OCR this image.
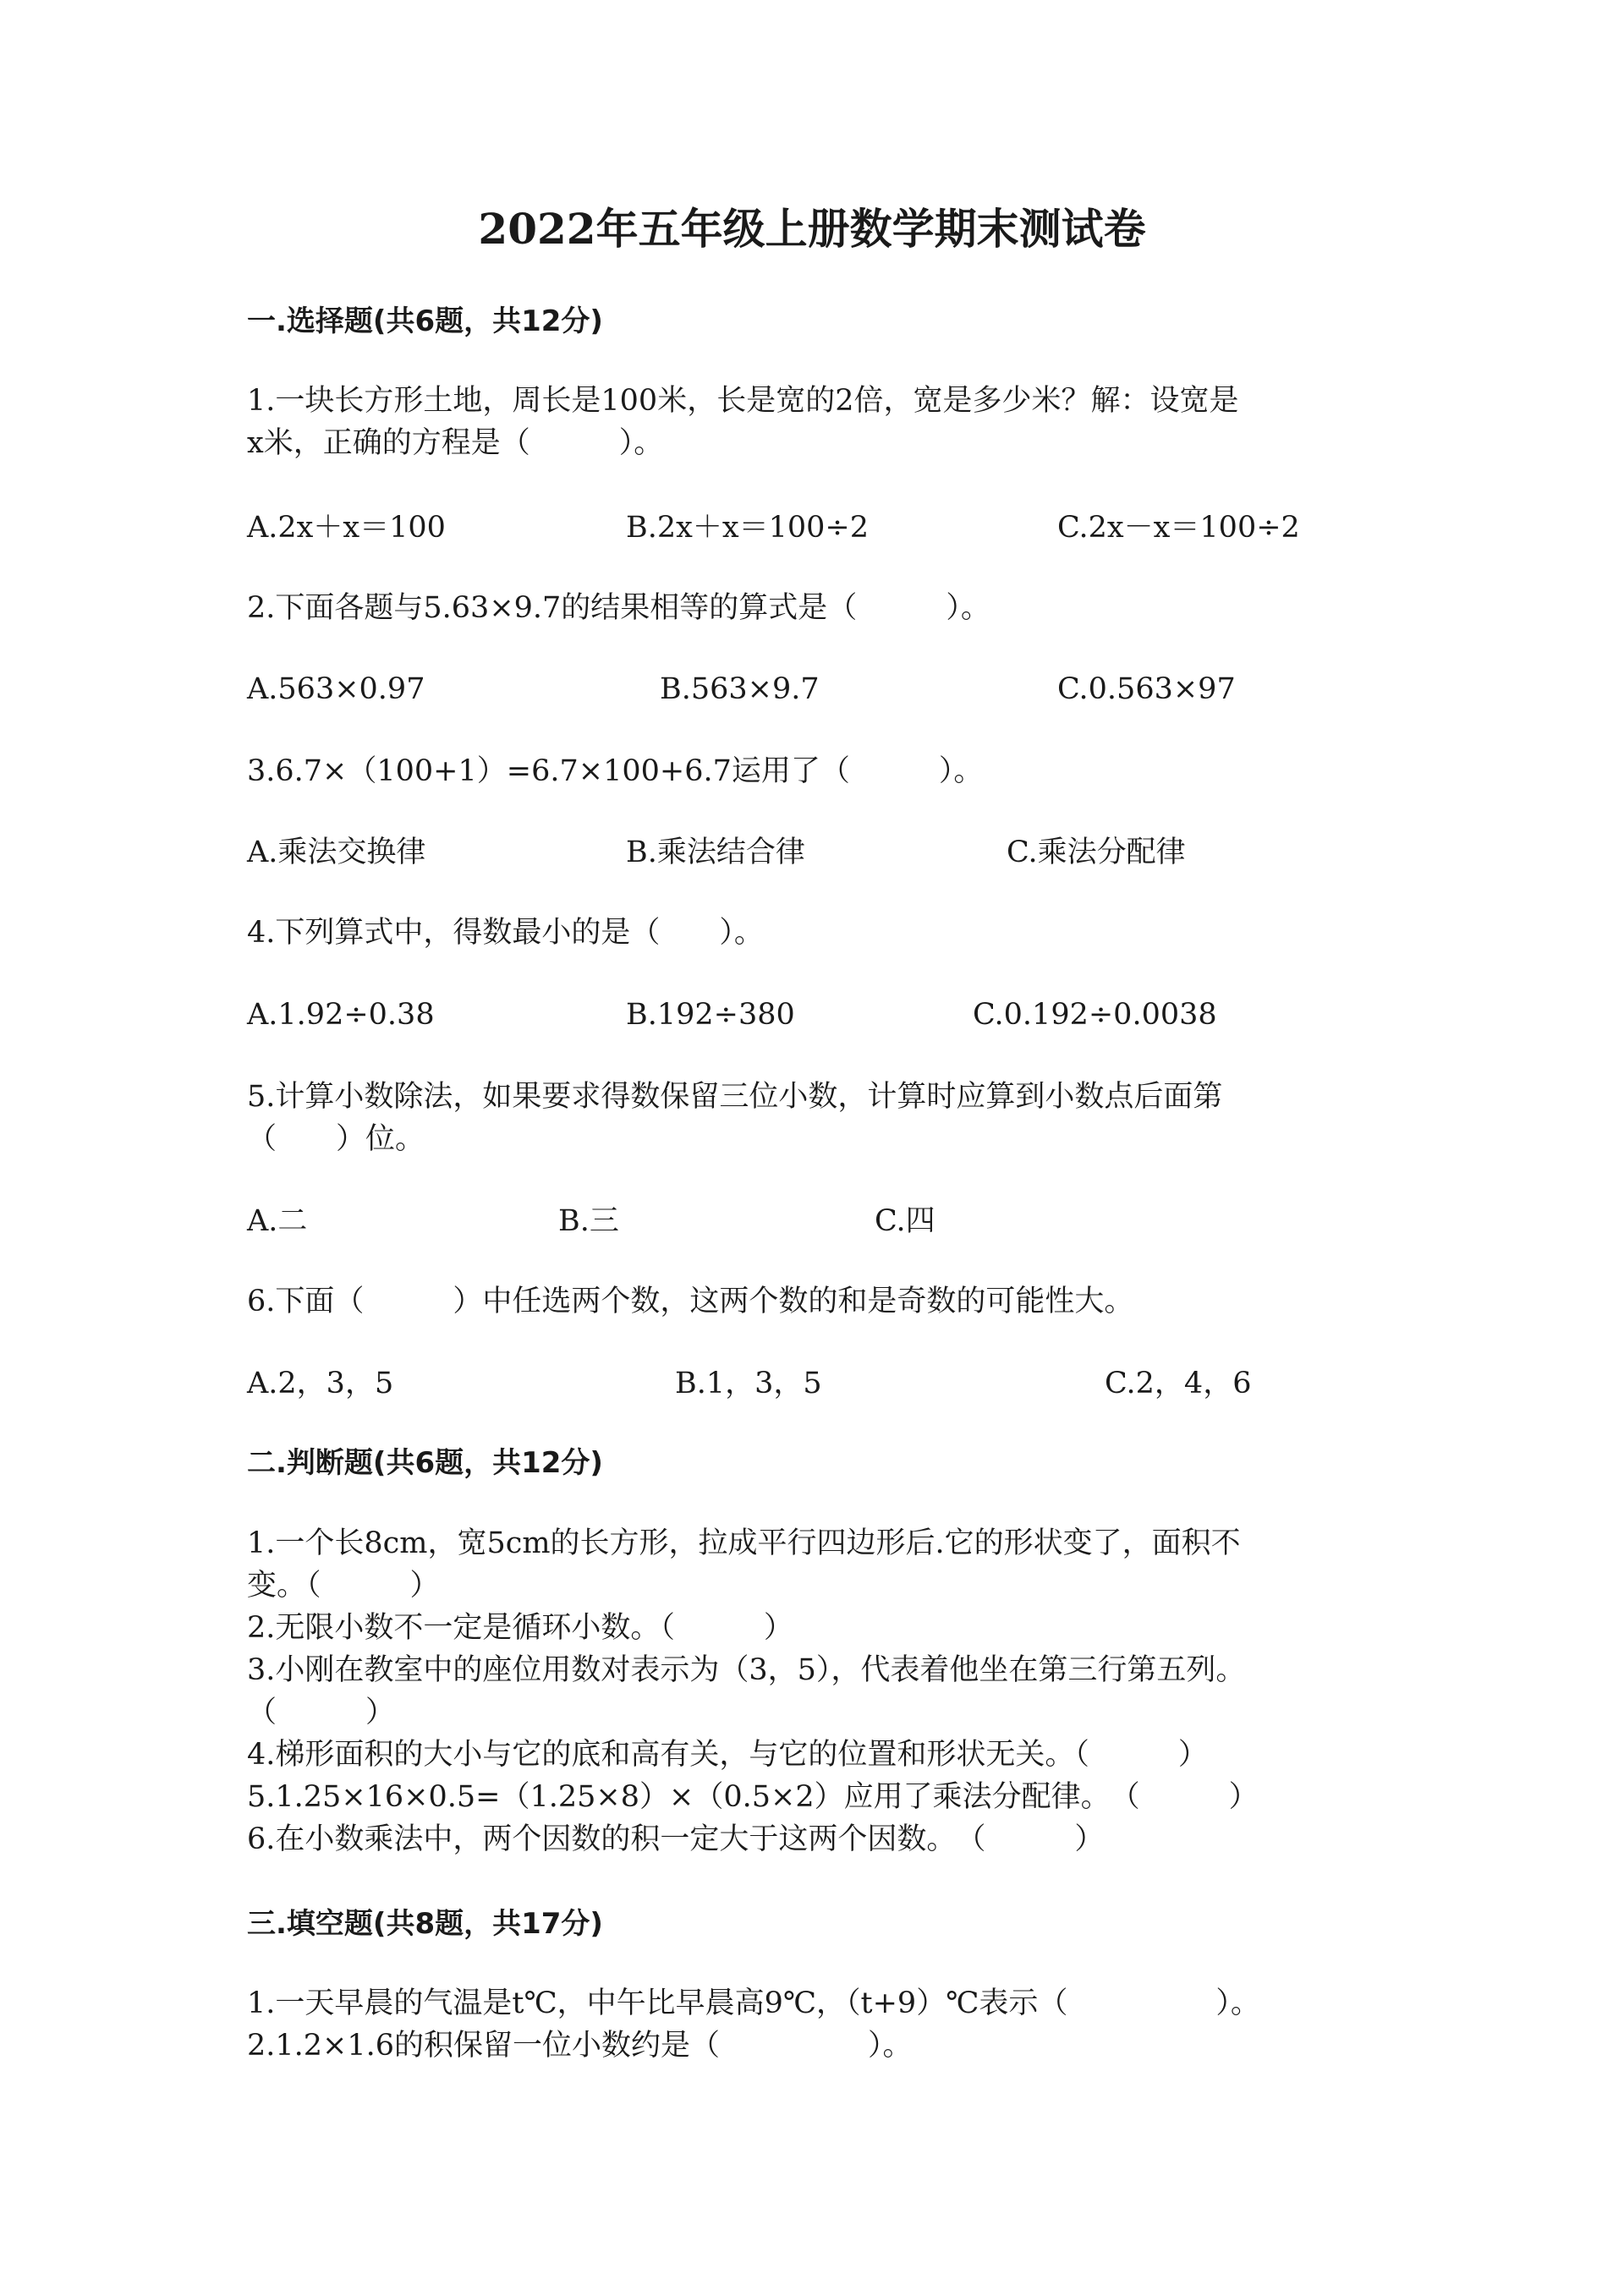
2022年五年级上册数学期末测试卷
一.选择题(共6题，共12分)
1.一块长方形土地，周长是100米，长是宽的2倍，宽是多少米？解：设宽是
x米，正确的方程是（　　　）。
A.2x＋x＝100	B.2x＋x＝100÷2	C.2x－x＝100÷2
2.下面各题与5.63×9.7的结果相等的算式是（　　　）。
A.563×0.97	B.563×9.7	C.0.563×97
3.6.7×（100+1）=6.7×100+6.7运用了（　　　）。
A.乘法交换律	B.乘法结合律	C.乘法分配律
4.下列算式中，得数最小的是（　　）。
A.1.92÷0.38	B.192÷380	C.0.192÷0.0038
5.计算小数除法，如果要求得数保留三位小数，计算时应算到小数点后面第
（　　）位。
A.二	B.三	C.四
6.下面（　　　）中任选两个数，这两个数的和是奇数的可能性大。
A.2，3，5	B.1，3，5	C.2，4，6
二.判断题(共6题，共12分)
1.一个长8cm，宽5cm的长方形，拉成平行四边形后.它的形状变了，面积不
变。（　　　）
2.无限小数不一定是循环小数。（　　　）
3.小刚在教室中的座位用数对表示为（3，5），代表着他坐在第三行第五列。
（　　　）
4.梯形面积的大小与它的底和高有关，与它的位置和形状无关。（　　　）
5.1.25×16×0.5=（1.25×8）×（0.5×2）应用了乘法分配律。　（　　　）
6.在小数乘法中，两个因数的积一定大于这两个因数。　（　　　）
三.填空题(共8题，共17分)
1.一天早晨的气温是t℃，中午比早晨高9℃，（t+9）℃表示（　　　　　）。
2.1.2×1.6的积保留一位小数约是（　　　　　）。
